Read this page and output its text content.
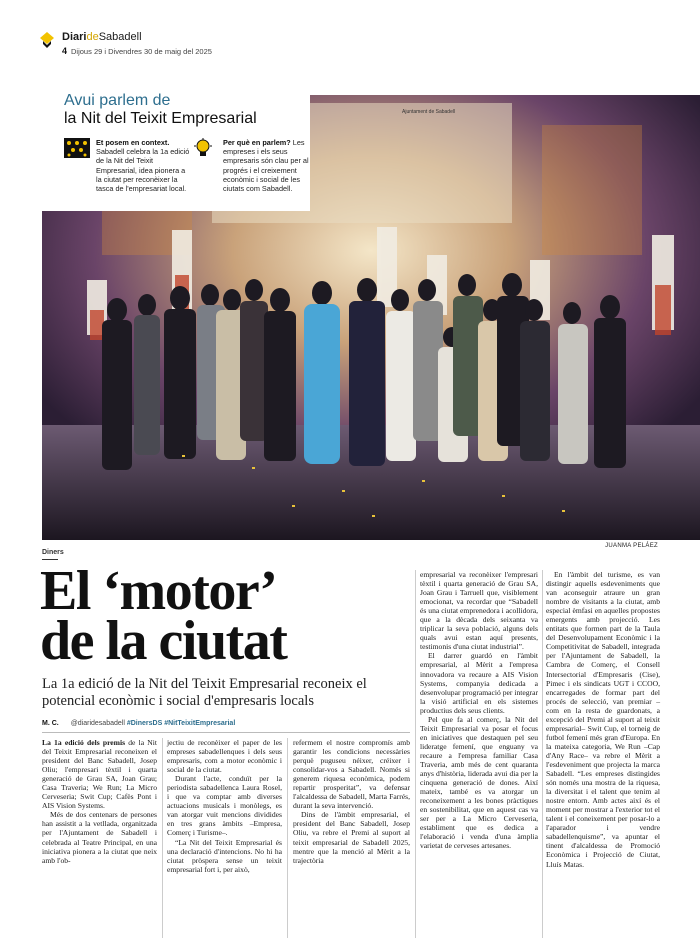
DiarideSabadell
4 Dijous 29 i Divendres 30 de maig del 2025
Ajuntament de Sabadell
JUANMA PELÁEZ
Avui parlem de
la Nit del Teixit Empresarial
Et posem en context. Sabadell celebra la 1a edició de la Nit del Teixit Empresarial, idea pionera a la ciutat per reconèixer la tasca de l'empresariat local.
Per què en parlem? Les empreses i els seus empresaris són clau per al progrés i el creixement econòmic i social de les ciutats com Sabadell.
Diners
El ‘motor’
de la ciutat
La 1a edició de la Nit del Teixit Empresarial reconeix el potencial econòmic i social d'empresaris locals
M. C. @diaridesabadell #DinersDS #NitTeixitEmpresarial

La 1a edició dels premis de la Nit del Teixit Empresarial reconeixen el president del Banc Sabadell, Josep Oliu; l'empresari tèxtil i quarta generació de Grau SA, Joan Grau; Casa Traveria; We Run; La Micro Cerveseria; Swit Cup; Cafès Pont i AIS Vision Systems.

Més de dos centenars de persones han assistit a la vetllada, organitzada per l'Ajuntament de Sabadell i celebrada al Teatre Principal, en una iniciativa pionera a la ciutat que neix amb l'ob-

jectiu de reconèixer el paper de les empreses sabadellenques i dels seus empresaris, com a motor econòmic i social de la ciutat.

Durant l'acte, conduït per la periodista sabadellenca Laura Rosel, i que va comptar amb diverses actuacions musicals i monòlegs, es van atorgar vuit mencions dividides en tres grans àmbits –Empresa, Comerç i Turisme–.

“La Nit del Teixit Empresarial és una declaració d'intencions. No hi ha ciutat pròspera sense un teixit empresarial fort i, per això,

refermem el nostre compromís amb garantir les condicions necessàries perquè puguseu néixer, créixer i consolidar-vos a Sabadell. Només si generem riquesa econòmica, podem repartir prosperitat”, va defensar l'alcaldessa de Sabadell, Marta Farrés, durant la seva intervenció.

Dins de l'àmbit empresarial, el president del Banc Sabadell, Josep Oliu, va rebre el Premi al suport al teixit empresarial de Sabadell 2025, mentre que la menció al Mèrit a la trajectòria

empresarial va reconèixer l'empresari tèxtil i quarta generació de Grau SA, Joan Grau i Tarruell que, visiblement emocionat, va recordar que “Sabadell és una ciutat emprenedora i acollidora, que a la dècada dels seixanta va triplicar la seva població, alguns dels quals avui estan aquí presents, testimonis d'una ciutat industrial”.

El darrer guardó en l'àmbit empresarial, al Mèrit a l'empresa innovadora va recaure a AIS Vision Systems, companyia dedicada a desenvolupar programació per integrar la visió artificial en els sistemes productius dels seus clients.

Pel que fa al comerç, la Nit del Teixit Empresarial va posar el focus en iniciatives que destaquen pel seu lideratge femení, que enguany va recaure a l'empresa familiar Casa Traveria, amb més de cent quaranta anys d'història, liderada avui dia per la cinquena generació de dones. Així mateix, també es va atorgar un reconeixement a les bones pràctiques en sostenibilitat, que en aquest cas va ser per a La Micro Cerveseria, establiment que es dedica a l'elaboració i venda d'una àmplia varietat de cerveses artesanes.

En l'àmbit del turisme, es van distingir aquells esdeveniments que van aconseguir atraure un gran nombre de visitants a la ciutat, amb especial èmfasi en aquelles propostes emergents amb projecció. Les entitats que formen part de la Taula del Desenvolupament Econòmic i la Competitivitat de Sabadell, integrada per l'Ajuntament de Sabadell, la Cambra de Comerç, el Consell Intersectorial d'Empresaris (Cise), Pimec i els sindicats UGT i CCOO, encarregades de formar part del procés de selecció, van premiar –com en la resta de guardonats, a excepció del Premi al suport al teixit empresarial– Swit Cup, el torneig de futbol femení més gran d'Europa. En la mateixa categoria, We Run –Cap d'Any Race– va rebre el Mèrit a l'esdeveniment que projecta la marca Sabadell. “Les empreses distingides són només una mostra de la riquesa, la diversitat i el talent que tenim al nostre entorn. Amb actes així és el moment per mostrar a l'exterior tot el talent i el coneixement per posar-lo a l'aparador i vendre sabadellenquisme”, va apuntar el tinent d'alcaldessa de Promoció Econòmica i Projecció de Ciutat, Lluís Matas.
